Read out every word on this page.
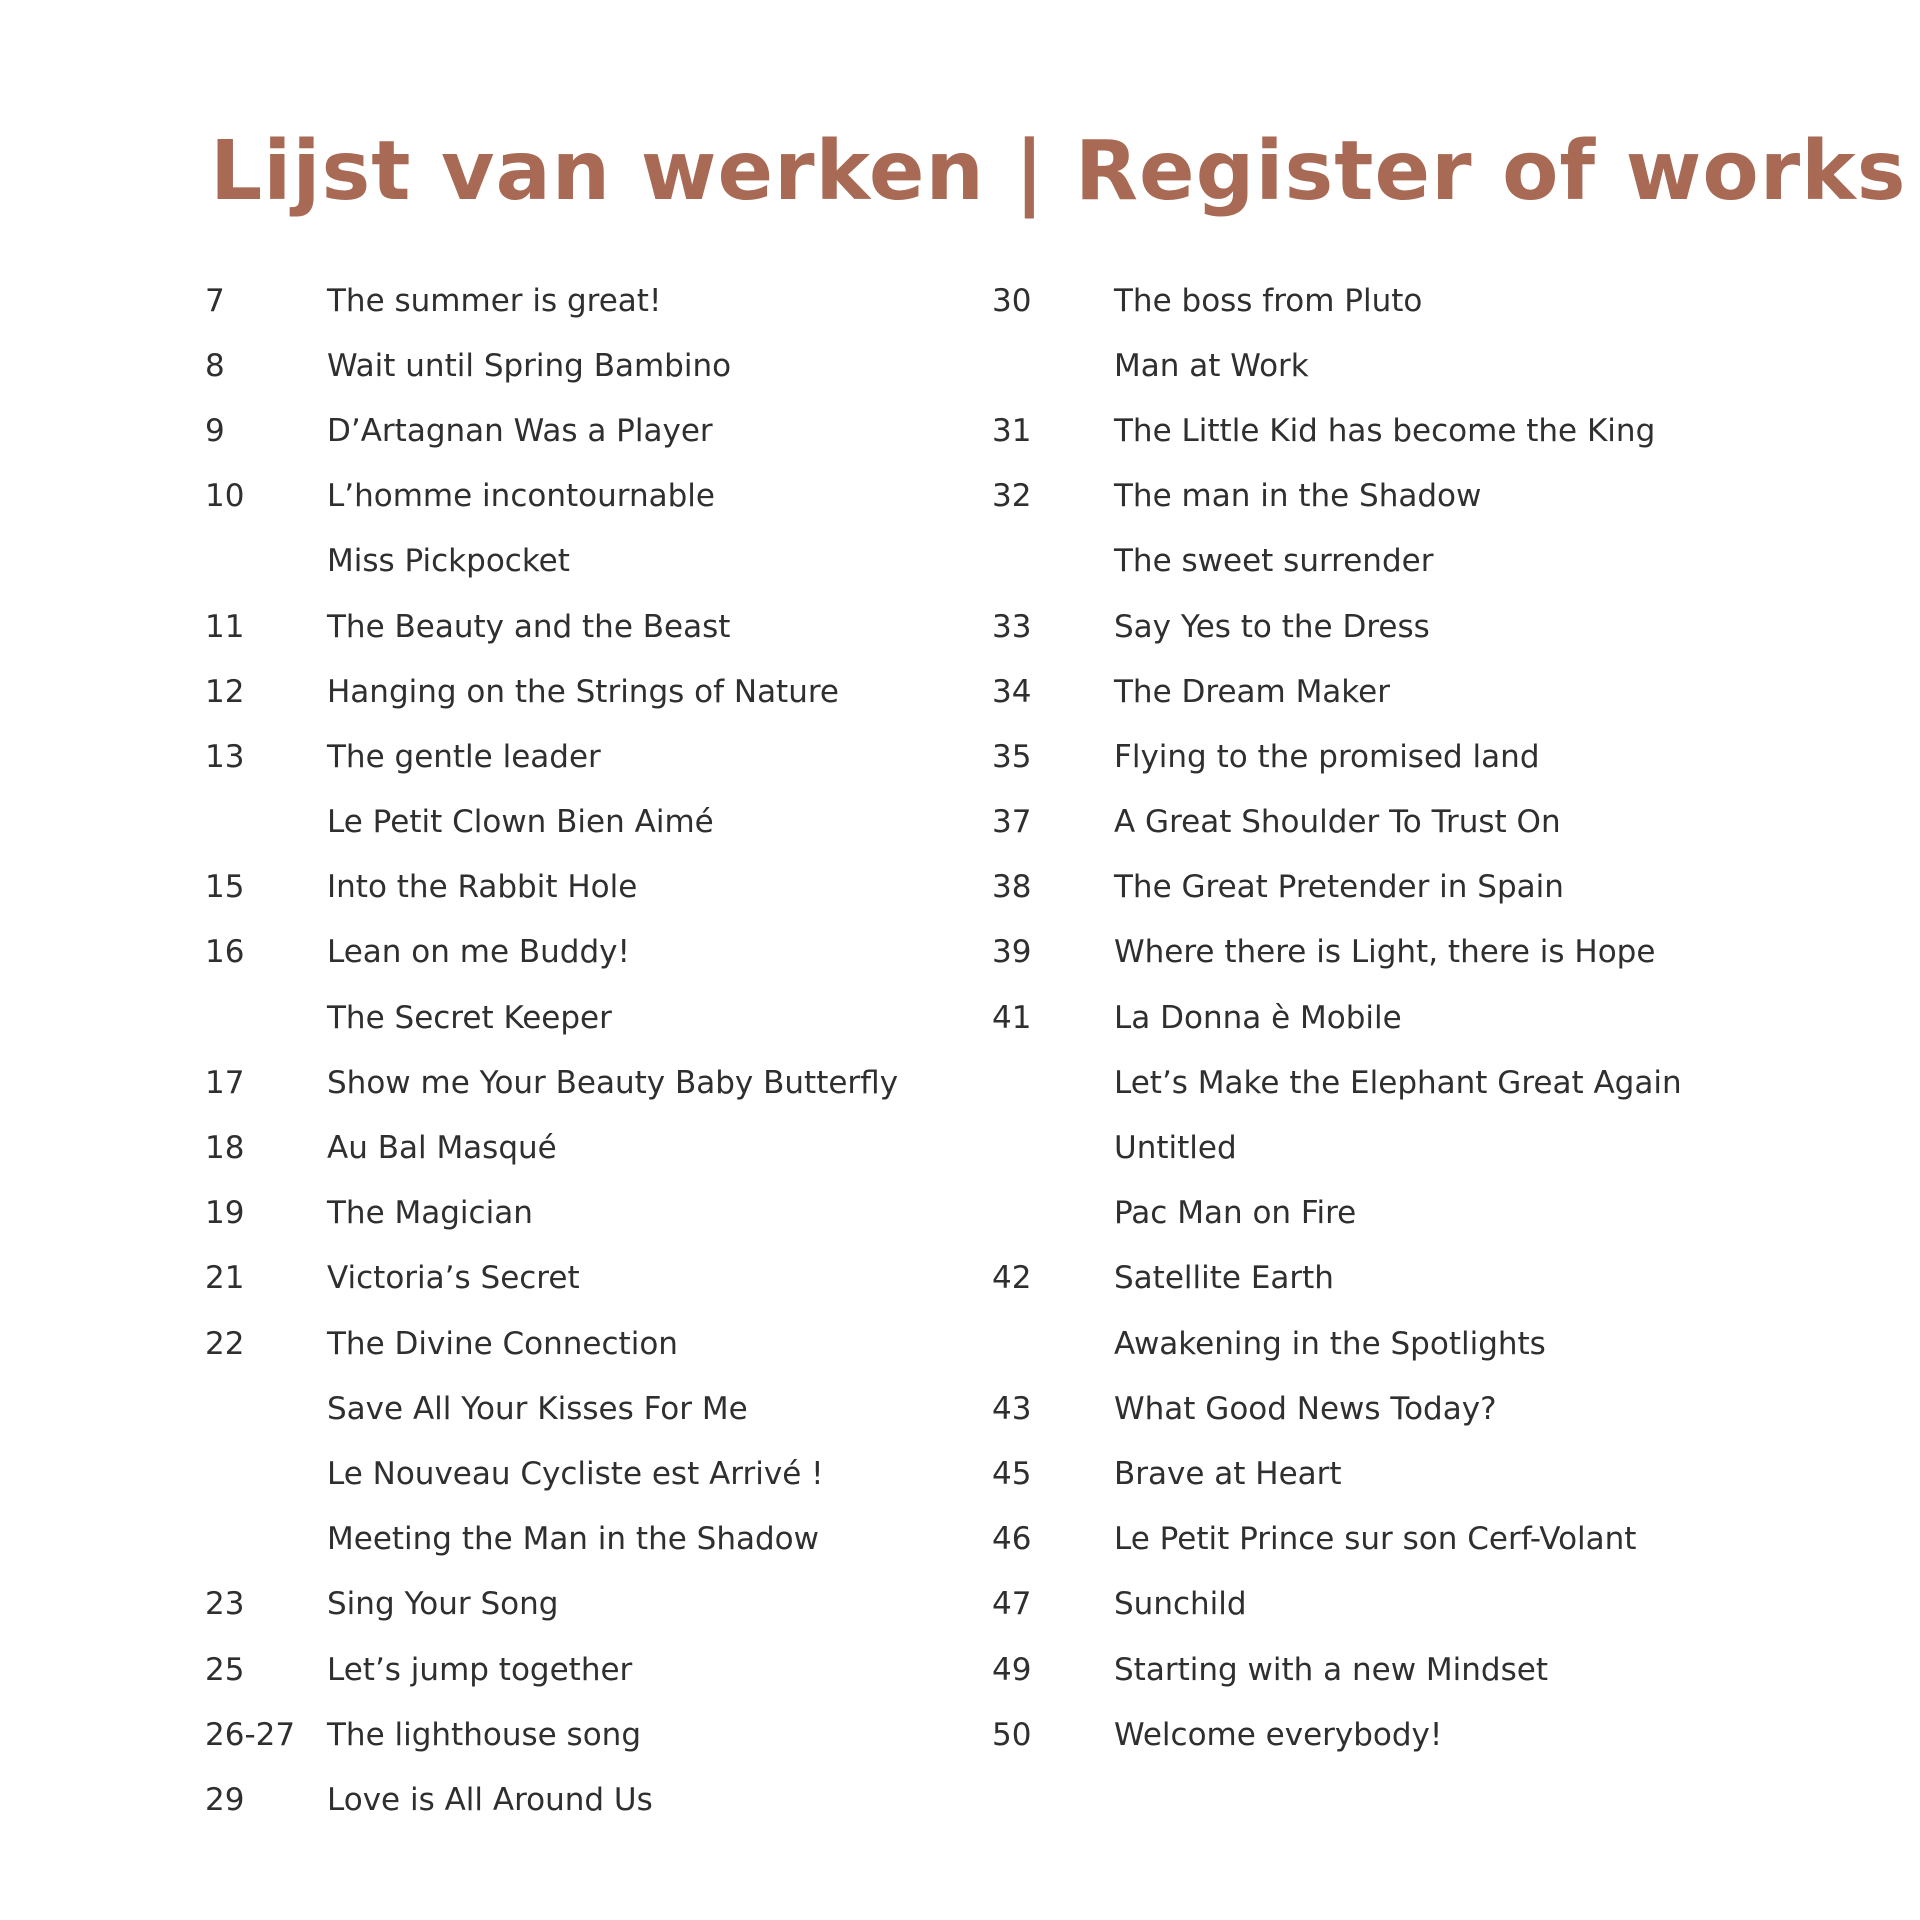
Lijst van werken | Register of works
7	The summer is great!
8	Wait until Spring Bambino
9	D’Artagnan Was a Player
10	L’homme incontournable
Miss Pickpocket
11	The Beauty and the Beast
12	Hanging on the Strings of Nature
13	The gentle leader
Le Petit Clown Bien Aimé
15	Into the Rabbit Hole
16	Lean on me Buddy!
The Secret Keeper
17	Show me Your Beauty Baby Butterfly
18	Au Bal Masqué
19	The Magician
21	Victoria’s Secret
22	The Divine Connection
Save All Your Kisses For Me
Le Nouveau Cycliste est Arrivé !
Meeting the Man in the Shadow
23	Sing Your Song
25	Let’s jump together
26-27	The lighthouse song
29	Love is All Around Us
30	The boss from Pluto
Man at Work
31	The Little Kid has become the King
32	The man in the Shadow
The sweet surrender
33	Say Yes to the Dress
34	The Dream Maker
35	Flying to the promised land
37	A Great Shoulder To Trust On
38	The Great Pretender in Spain
39	Where there is Light, there is Hope
41	La Donna è Mobile
Let’s Make the Elephant Great Again
Untitled
Pac Man on Fire
42	Satellite Earth
Awakening in the Spotlights
43	What Good News Today?
45	Brave at Heart
46	Le Petit Prince sur son Cerf-Volant
47	Sunchild
49	Starting with a new Mindset
50	Welcome everybody!
